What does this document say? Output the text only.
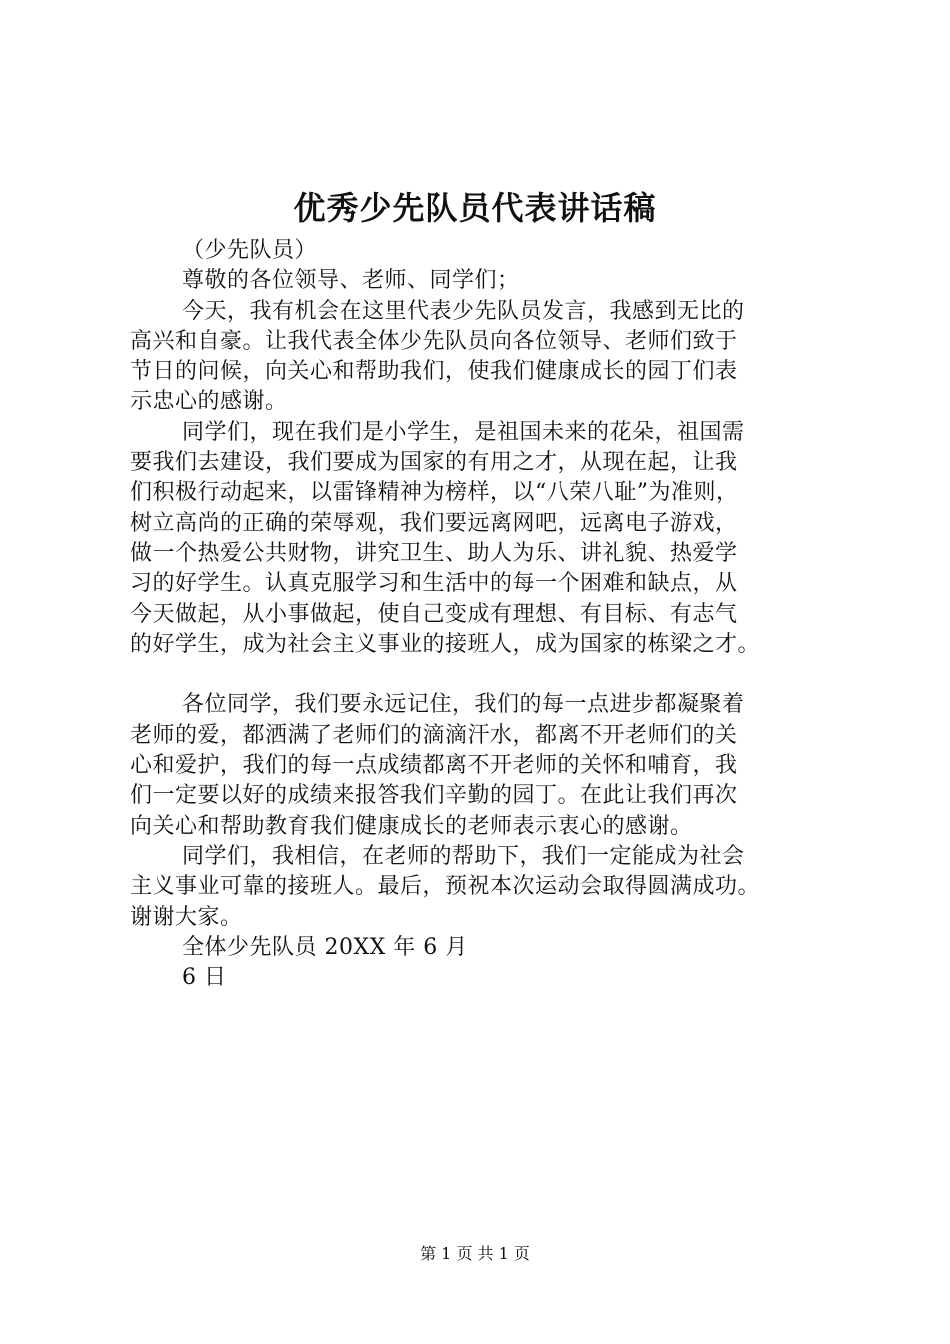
优秀少先队员代表讲话稿
（少先队员）
尊敬的各位领导、老师、同学们；
今天，我有机会在这里代表少先队员发言，我感到无比的
高兴和自豪。让我代表全体少先队员向各位领导、老师们致于
节日的问候，向关心和帮助我们，使我们健康成长的园丁们表
示忠心的感谢。
同学们，现在我们是小学生，是祖国未来的花朵，祖国需
要我们去建设，我们要成为国家的有用之才，从现在起，让我
们积极行动起来，以雷锋精神为榜样，以“八荣八耻”为准则，
树立高尚的正确的荣辱观，我们要远离网吧，远离电子游戏，
做一个热爱公共财物，讲究卫生、助人为乐、讲礼貌、热爱学
习的好学生。认真克服学习和生活中的每一个困难和缺点，从
今天做起，从小事做起，使自己变成有理想、有目标、有志气
的好学生，成为社会主义事业的接班人，成为国家的栋梁之才。
各位同学，我们要永远记住，我们的每一点进步都凝聚着
老师的爱，都洒满了老师们的滴滴汗水，都离不开老师们的关
心和爱护，我们的每一点成绩都离不开老师的关怀和哺育，我
们一定要以好的成绩来报答我们辛勤的园丁。在此让我们再次
向关心和帮助教育我们健康成长的老师表示衷心的感谢。
同学们，我相信，在老师的帮助下，我们一定能成为社会
主义事业可靠的接班人。最后，预祝本次运动会取得圆满成功。
谢谢大家。
全体少先队员 20XX 年 6 月
6 日
第 1 页 共 1 页
